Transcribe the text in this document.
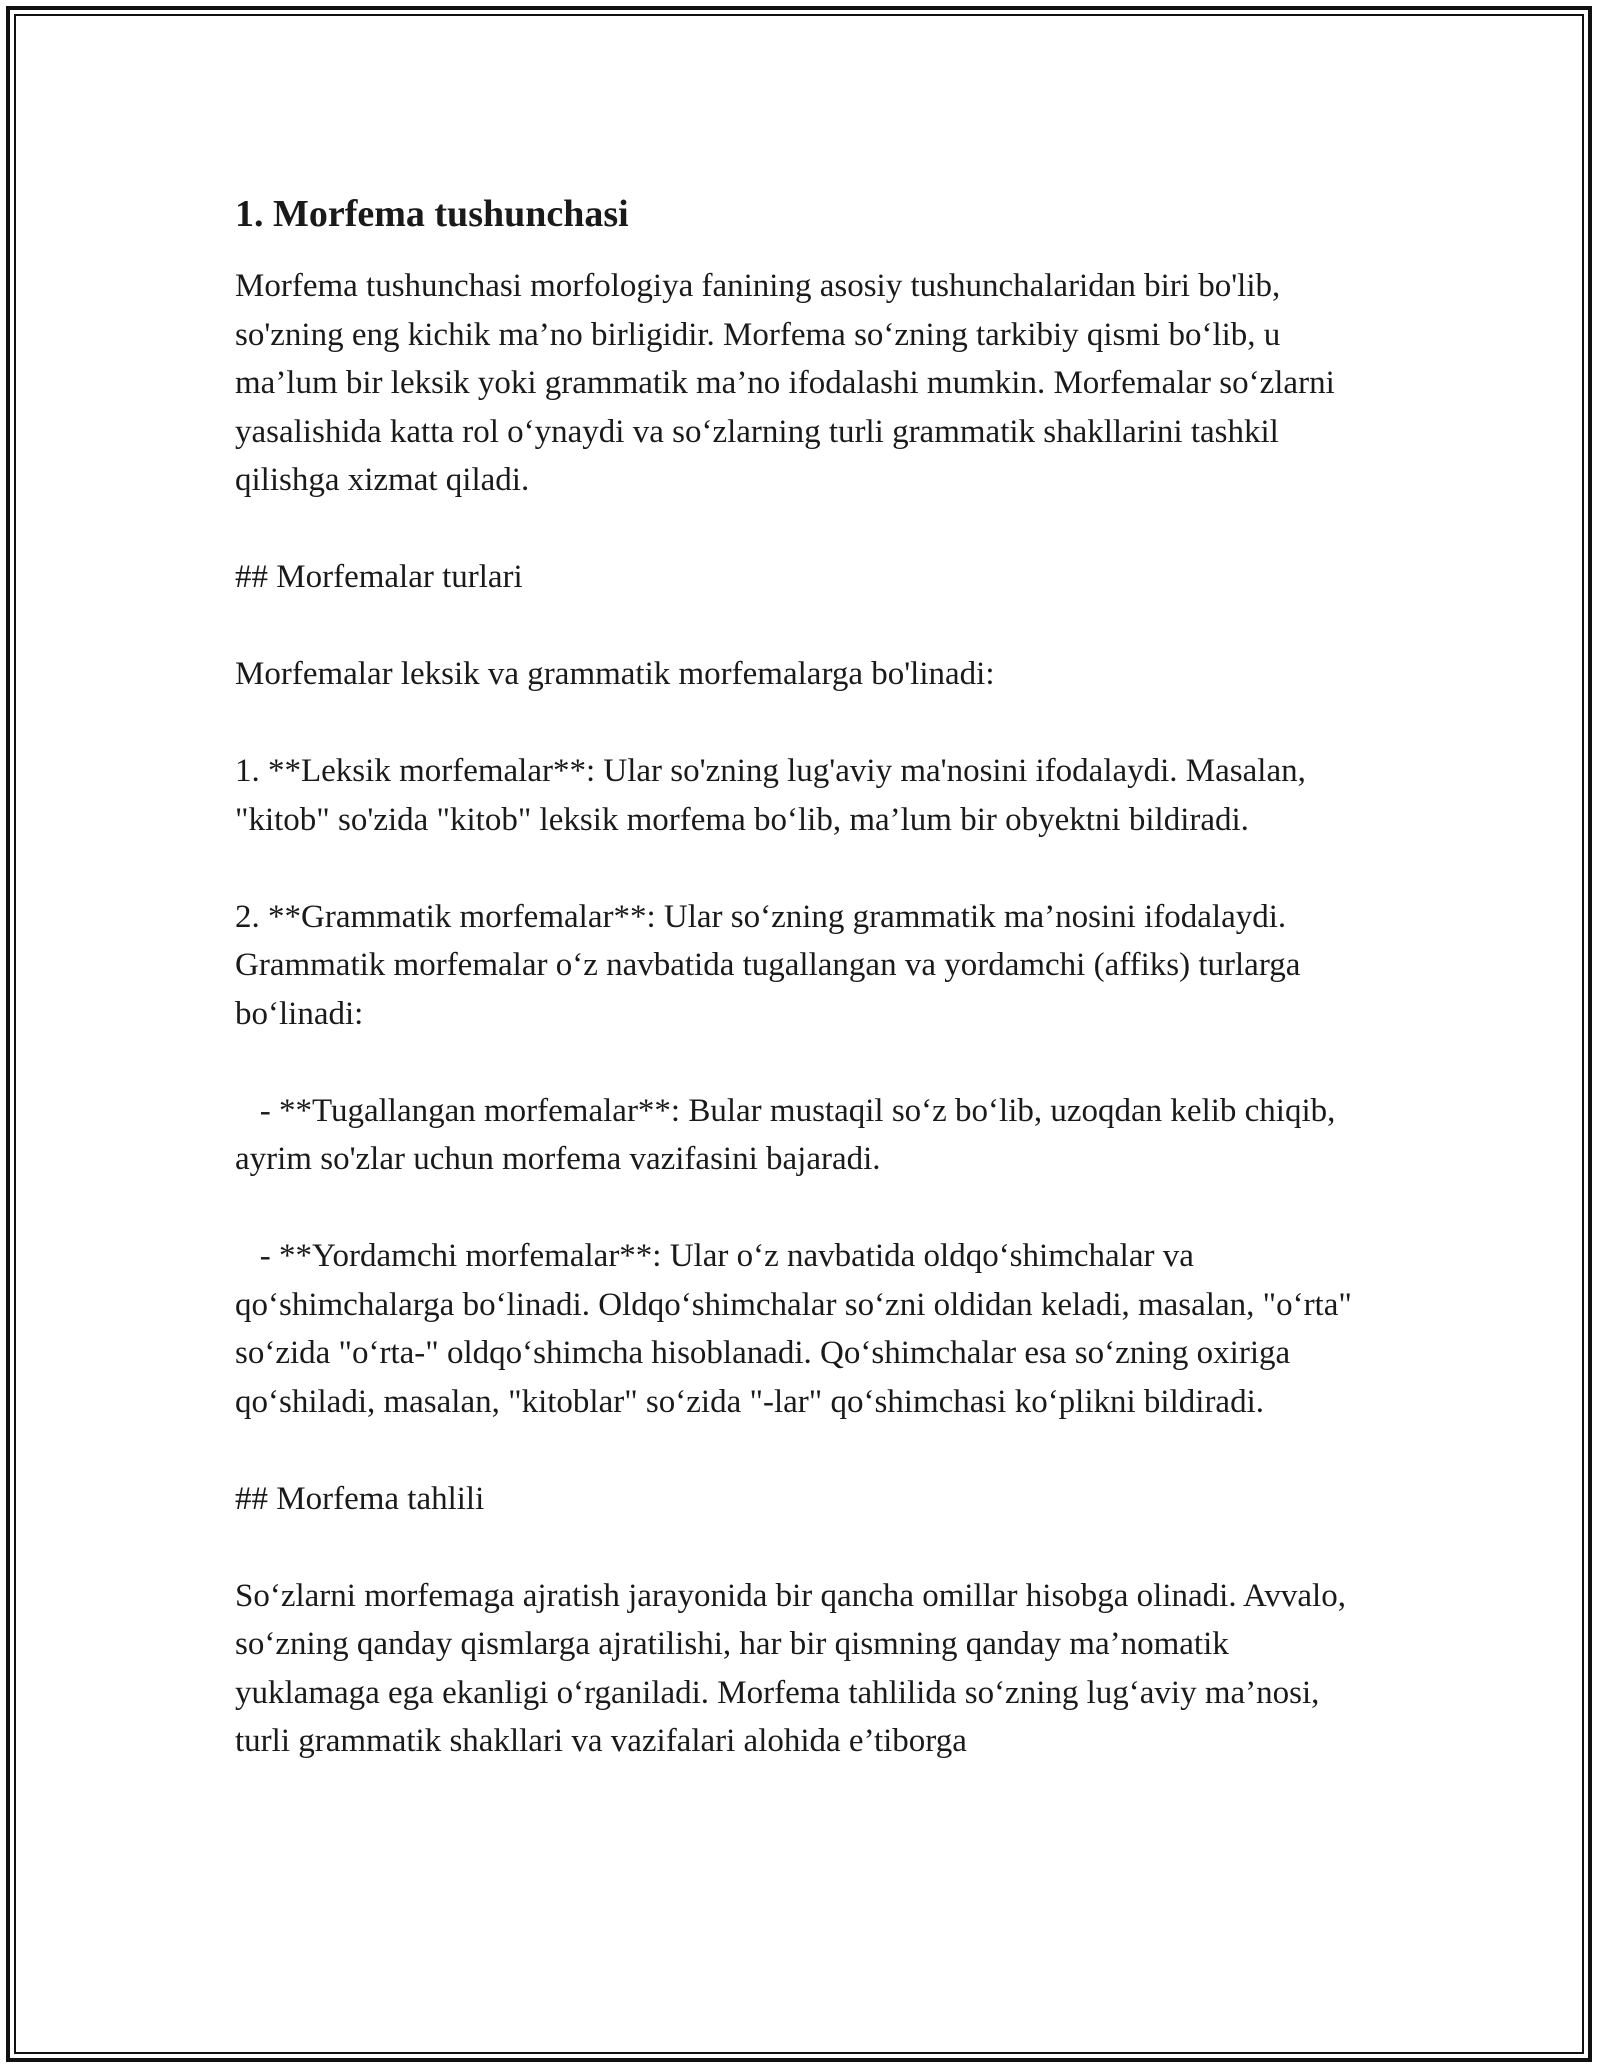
1. Morfema tushunchasi

Morfema tushunchasi morfologiya fanining asosiy tushunchalaridan biri bo'lib, so'zning eng kichik ma’no birligidir. Morfema so‘zning tarkibiy qismi bo‘lib, u ma’lum bir leksik yoki grammatik ma’no ifodalashi mumkin. Morfemalar so‘zlarni yasalishida katta rol o‘ynaydi va so‘zlarning turli grammatik shakllarini tashkil qilishga xizmat qiladi.

## Morfemalar turlari

Morfemalar leksik va grammatik morfemalarga bo'linadi:

1. **Leksik morfemalar**: Ular so'zning lug'aviy ma'nosini ifodalaydi. Masalan, "kitob" so'zida "kitob" leksik morfema bo‘lib, ma’lum bir obyektni bildiradi.

2. **Grammatik morfemalar**: Ular so‘zning grammatik ma’nosini ifodalaydi. Grammatik morfemalar o‘z navbatida tugallangan va yordamchi (affiks) turlarga bo‘linadi:

- **Tugallangan morfemalar**: Bular mustaqil so‘z bo‘lib, uzoqdan kelib chiqib, ayrim so'zlar uchun morfema vazifasini bajaradi.

- **Yordamchi morfemalar**: Ular o‘z navbatida oldqo‘shimchalar va qo‘shimchalarga bo‘linadi. Oldqo‘shimchalar so‘zni oldidan keladi, masalan, "o‘rta" so‘zida "o‘rta-" oldqo‘shimcha hisoblanadi. Qo‘shimchalar esa so‘zning oxiriga qo‘shiladi, masalan, "kitoblar" so‘zida "-lar" qo‘shimchasi ko‘plikni bildiradi.

## Morfema tahlili

So‘zlarni morfemaga ajratish jarayonida bir qancha omillar hisobga olinadi. Avvalo, so‘zning qanday qismlarga ajratilishi, har bir qismning qanday ma’nomatik yuklamaga ega ekanligi o‘rganiladi. Morfema tahlilida so‘zning lug‘aviy ma’nosi, turli grammatik shakllari va vazifalari alohida e’tiborga
